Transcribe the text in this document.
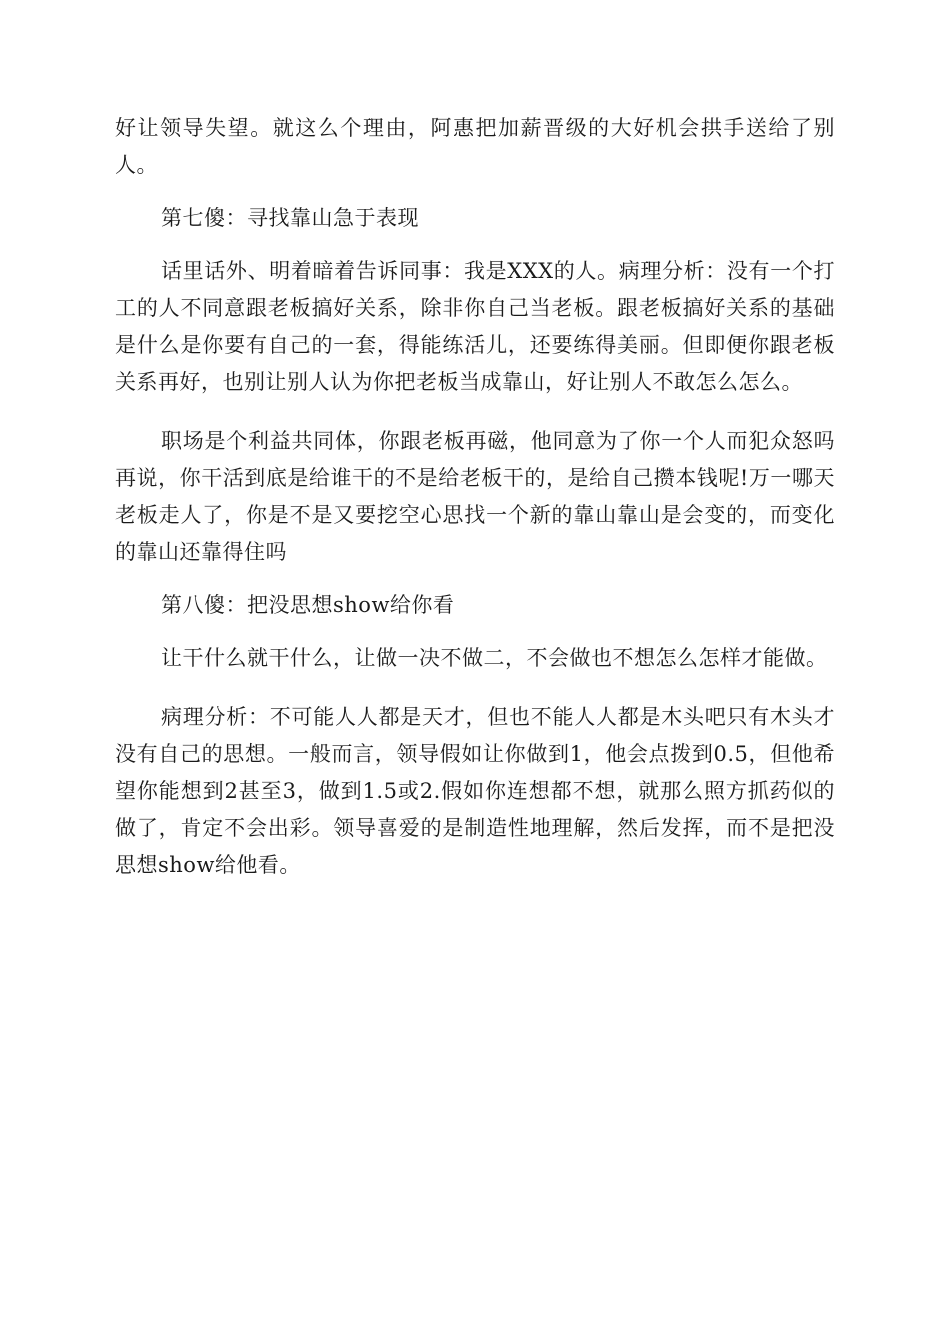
好让领导失望。就这么个理由，阿惠把加薪晋级的大好机会拱手送给了别人。

第七傻：寻找靠山急于表现

话里话外、明着暗着告诉同事：我是XXX的人。病理分析：没有一个打工的人不同意跟老板搞好关系，除非你自己当老板。跟老板搞好关系的基础是什么是你要有自己的一套，得能练活儿，还要练得美丽。但即便你跟老板关系再好，也别让别人认为你把老板当成靠山，好让别人不敢怎么怎么。

职场是个利益共同体，你跟老板再磁，他同意为了你一个人而犯众怒吗再说，你干活到底是给谁干的不是给老板干的，是给自己攒本钱呢!万一哪天老板走人了，你是不是又要挖空心思找一个新的靠山靠山是会变的，而变化的靠山还靠得住吗

第八傻：把没思想show给你看

让干什么就干什么，让做一决不做二，不会做也不想怎么怎样才能做。

病理分析：不可能人人都是天才，但也不能人人都是木头吧只有木头才没有自己的思想。一般而言，领导假如让你做到1，他会点拨到0.5，但他希望你能想到2甚至3，做到1.5或2.假如你连想都不想，就那么照方抓药似的做了，肯定不会出彩。领导喜爱的是制造性地理解，然后发挥，而不是把没思想show给他看。
